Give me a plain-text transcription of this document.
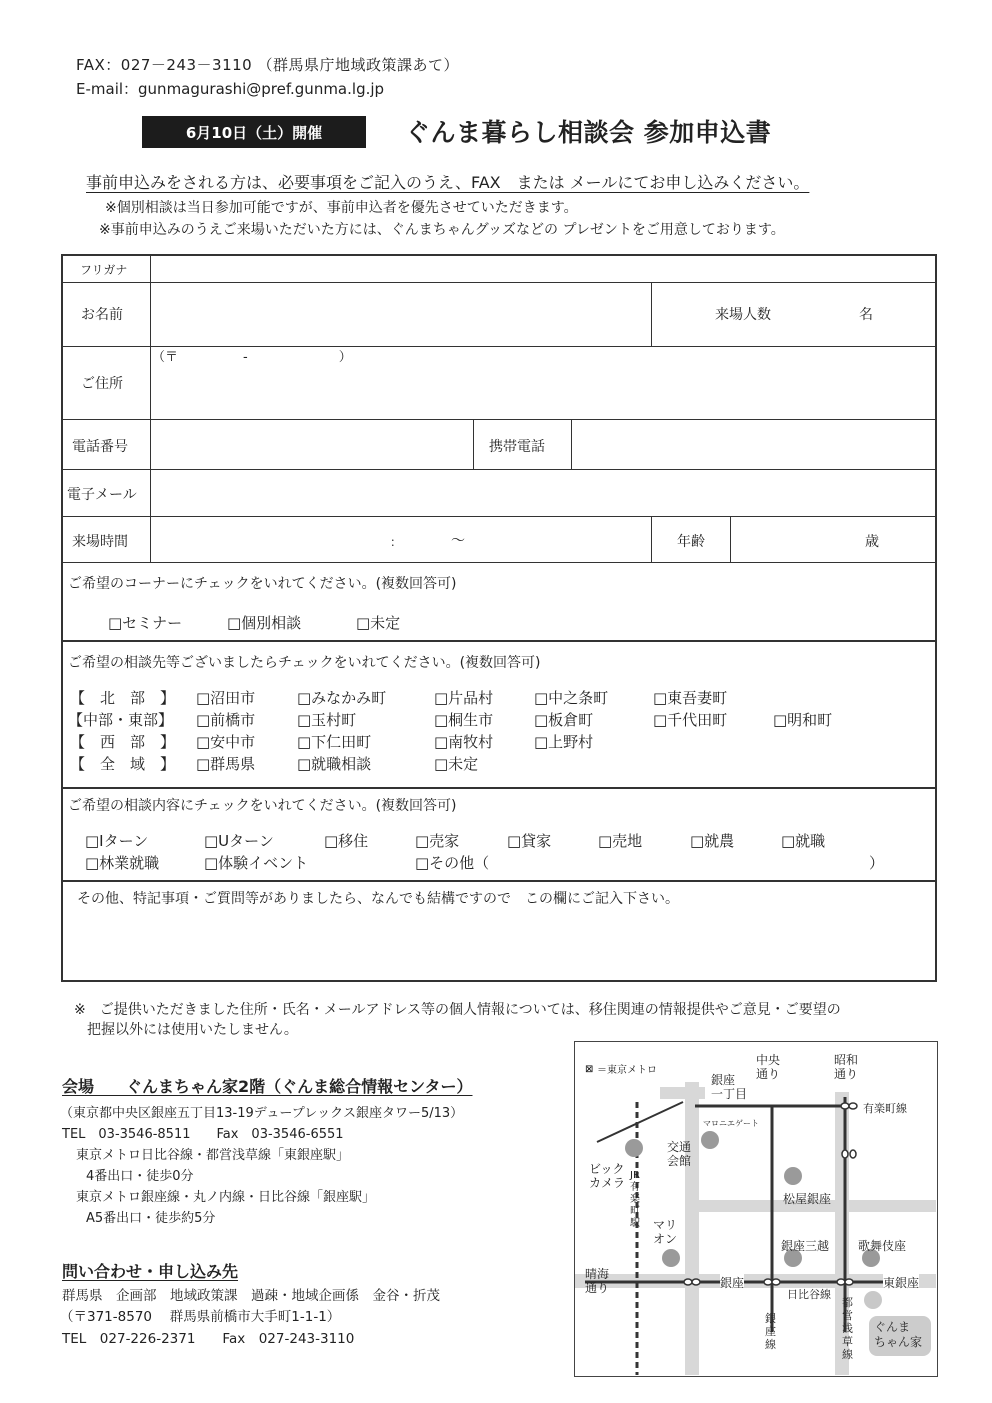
FAX：027－243－3110 （群馬県庁地域政策課あて）
E-mail：gunmagurashi@pref.gunma.lg.jp
6月10日（土）開催	ぐんま暮らし相談会 参加申込書
事前申込みをされる方は、必要事項をご記入のうえ、FAX　または メールにてお申し込みください。
※個別相談は当日参加可能ですが、事前申込者を優先させていただきます。
※事前申込みのうえご来場いただいた方には、ぐんまちゃんグッズなどの プレゼントをご用意しております。
フリガナ
お名前	来場人数	名
ご住所
（〒　　　　　-　　　　　　　）
電話番号	携帯電話
電子メール
来場時間	：	～	年齢	歳
ご希望のコーナーにチェックをいれてください。(複数回答可)
□セミナー	□個別相談	□未定
ご希望の相談先等ございましたらチェックをいれてください。(複数回答可)
【　北　部　】 □沼田市	□みなかみ町	□片品村	□中之条町	□東吾妻町
【中部・東部】 □前橋市	□玉村町	□桐生市	□板倉町	□千代田町	□明和町
【　西　部　】 □安中市	□下仁田町	□南牧村	□上野村
【　全　域　】 □群馬県	□就職相談	□未定
ご希望の相談内容にチェックをいれてください。(複数回答可)
□Iターン	□Uターン	□移住	□売家	□貸家	□売地	□就農	□就職
□林業就職	□体験イベント	□その他（	）
その他、特記事項・ご質問等がありましたら、なんでも結構ですので　この欄にご記入下さい。
※　ご提供いただきました住所・氏名・メールアドレス等の個人情報については、移住関連の情報提供やご意見・ご要望の
把握以外には使用いたしません。
会場　　ぐんまちゃん家2階（ぐんま総合情報センター）
（東京都中央区銀座五丁目13-19デュープレックス銀座タワー5/13）
TEL　03-3546-8511　　Fax　03-3546-6551
東京メトロ日比谷線・都営浅草線「東銀座駅」
4番出口・徒歩0分
東京メトロ銀座線・丸ノ内線・日比谷線「銀座駅」
A5番出口・徒歩約5分
問い合わせ・申し込み先
群馬県　企画部　地域政策課　過疎・地域企画係　金谷・折茂
（〒371-8570　 群馬県前橋市大手町1-1-1）
TEL　027-226-2371　　Fax　027-243-3110
⊠ ＝東京メトロ
中央
通り
昭和
通り
銀座
一丁目
有楽町線
マロニエゲート
交通
会館
ビック
カメラ
JR
有
楽
町
駅
松屋銀座
マリ
オン	銀座三越 歌舞伎座
晴海
通り	銀座
日比谷線
東銀座
銀
座
線
都
営
浅
草
線
ぐんま
ちゃん家
